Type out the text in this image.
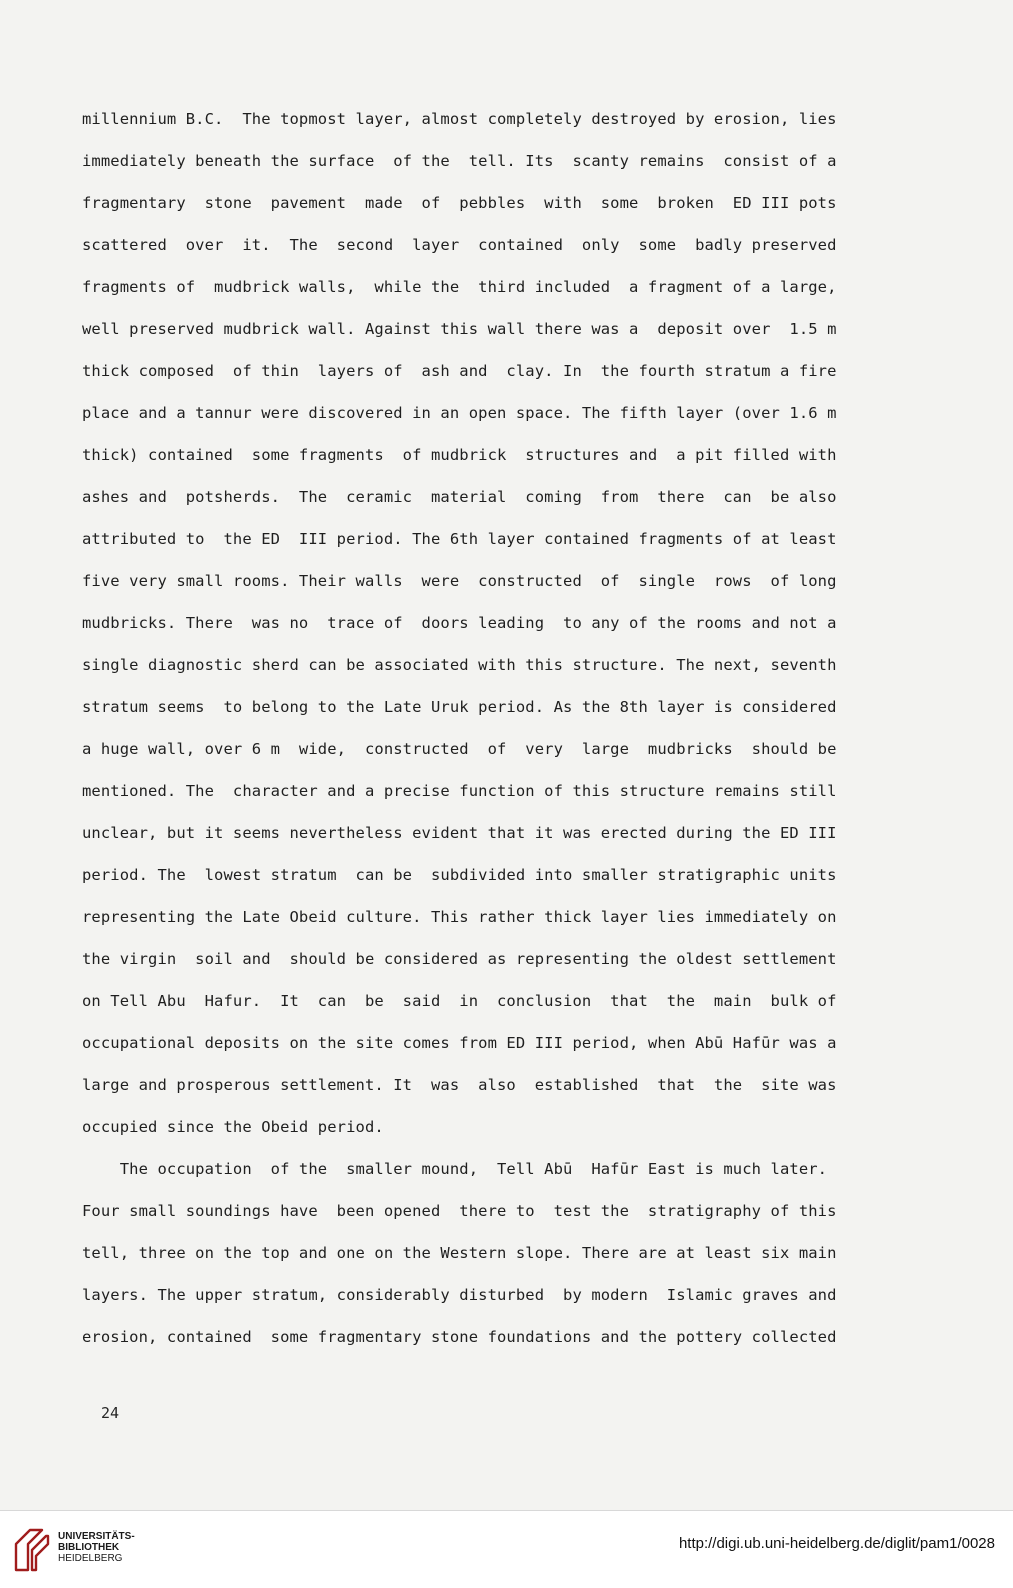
millennium B.C.  The topmost layer, almost completely destroyed by erosion, lies
immediately beneath the surface  of the  tell. Its  scanty remains  consist of a
fragmentary  stone  pavement  made  of  pebbles  with  some  broken  ED III pots
scattered  over  it.  The  second  layer  contained  only  some  badly preserved
fragments of  mudbrick walls,  while the  third included  a fragment of a large,
well preserved mudbrick wall. Against this wall there was a  deposit over  1.5 m
thick composed  of thin  layers of  ash and  clay. In  the fourth stratum a fire
place and a tannur were discovered in an open space. The fifth layer (over 1.6 m
thick) contained  some fragments  of mudbrick  structures and  a pit filled with
ashes and  potsherds.  The  ceramic  material  coming  from  there  can  be also
attributed to  the ED  III period. The 6th layer contained fragments of at least
five very small rooms. Their walls  were  constructed  of  single  rows  of long
mudbricks. There  was no  trace of  doors leading  to any of the rooms and not a
single diagnostic sherd can be associated with this structure. The next, seventh
stratum seems  to belong to the Late Uruk period. As the 8th layer is considered
a huge wall, over 6 m  wide,  constructed  of  very  large  mudbricks  should be
mentioned. The  character and a precise function of this structure remains still
unclear, but it seems nevertheless evident that it was erected during the ED III
period. The  lowest stratum  can be  subdivided into smaller stratigraphic units
representing the Late Obeid culture. This rather thick layer lies immediately on
the virgin  soil and  should be considered as representing the oldest settlement
on Tell Abu  Hafur.  It  can  be  said  in  conclusion  that  the  main  bulk of
occupational deposits on the site comes from ED III period, when Abū Hafūr was a
large and prosperous settlement. It  was  also  established  that  the  site was
occupied since the Obeid period.
The occupation  of the  smaller mound,  Tell Abū  Hafūr East is much later.
Four small soundings have  been opened  there to  test the  stratigraphy of this
tell, three on the top and one on the Western slope. There are at least six main
layers. The upper stratum, considerably disturbed  by modern  Islamic graves and
erosion, contained  some fragmentary stone foundations and the pottery collected
24
UNIVERSITÄTS-
BIBLIOTHEK
HEIDELBERG
http://digi.ub.uni-heidelberg.de/diglit/pam1/0028
